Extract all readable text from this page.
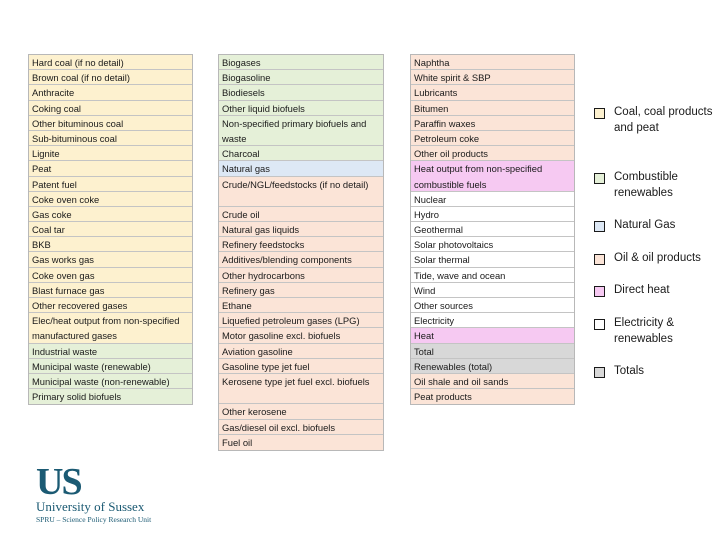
Hard coal (if no detail)
Brown coal (if no detail)
Anthracite
Coking coal
Other bituminous coal
Sub-bituminous coal
Lignite
Peat
Patent fuel
Coke oven coke
Gas coke
Coal tar
BKB
Gas works gas
Coke oven gas
Blast furnace gas
Other recovered gases
Elec/heat output from non-specified manufactured gases
Industrial waste
Municipal waste (renewable)
Municipal waste (non-renewable)
Primary solid biofuels
Biogases
Biogasoline
Biodiesels
Other liquid biofuels
Non-specified primary biofuels and waste
Charcoal
Natural gas
Crude/NGL/feedstocks (if no detail)
Crude oil
Natural gas liquids
Refinery feedstocks
Additives/blending components
Other hydrocarbons
Refinery gas
Ethane
Liquefied petroleum gases (LPG)
Motor gasoline excl. biofuels
Aviation gasoline
Gasoline type jet fuel
Kerosene type jet fuel excl. biofuels
Other kerosene
Gas/diesel oil excl. biofuels
Fuel oil
Naphtha
White spirit & SBP
Lubricants
Bitumen
Paraffin waxes
Petroleum coke
Other oil products
Heat output from non-specified combustible fuels
Nuclear
Hydro
Geothermal
Solar photovoltaics
Solar thermal
Tide, wave and ocean
Wind
Other sources
Electricity
Heat
Total
Renewables (total)
Oil shale and oil sands
Peat products
Coal, coal products and peat
Combustible renewables
Natural Gas
Oil & oil products
Direct heat
Electricity & renewables
Totals
US
University of Sussex
SPRU – Science Policy Research Unit
